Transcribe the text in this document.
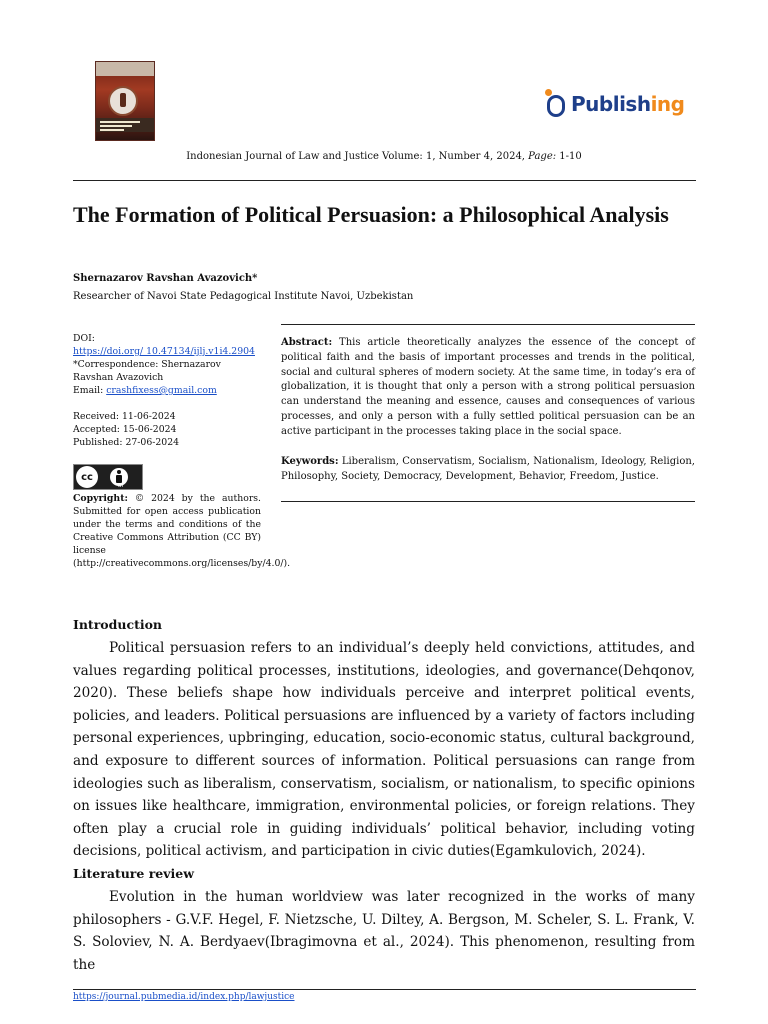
Publishing
Indonesian Journal of Law and Justice Volume: 1, Number 4, 2024, Page: 1-10
The Formation of Political Persuasion: a Philosophical Analysis
Shernazarov Ravshan Avazovich*
Researcher of Navoi State Pedagogical Institute Navoi, Uzbekistan
DOI:
https://doi.org/ 10.47134/ijlj.v1i4.2904
*Correspondence: Shernazarov Ravshan Avazovich
Email: crashfixess@gmail.com
Received: 11-06-2024
Accepted: 15-06-2024
Published: 27-06-2024
cc
BY
Copyright: © 2024 by the authors. Submitted for open access publication under the terms and conditions of the Creative Commons Attribution (CC BY) license (http://creativecommons.org/licenses/by/4.0/).
Abstract: This article theoretically analyzes the essence of the concept of political faith and the basis of important processes and trends in the political, social and cultural spheres of modern society. At the same time, in today’s era of globalization, it is thought that only a person with a strong political persuasion can understand the meaning and essence, causes and consequences of various processes, and only a person with a fully settled political persuasion can be an active participant in the processes taking place in the social space.
Keywords: Liberalism, Conservatism, Socialism, Nationalism, Ideology, Religion, Philosophy, Society, Democracy, Development, Behavior, Freedom, Justice.
Introduction
Political persuasion refers to an individual’s deeply held convictions, attitudes, and values regarding political processes, institutions, ideologies, and governance(Dehqonov, 2020). These beliefs shape how individuals perceive and interpret political events, policies, and leaders. Political persuasions are influenced by a variety of factors including personal experiences, upbringing, education, socio-economic status, cultural background, and exposure to different sources of information. Political persuasions can range from ideologies such as liberalism, conservatism, socialism, or nationalism, to specific opinions on issues like healthcare, immigration, environmental policies, or foreign relations. They often play a crucial role in guiding individuals’ political behavior, including voting decisions, political activism, and participation in civic duties(Egamkulovich, 2024).
Literature review
Evolution in the human worldview was later recognized in the works of many philosophers - G.V.F. Hegel, F. Nietzsche, U. Diltey, A. Bergson, M. Scheler, S. L. Frank, V. S. Soloviev, N. A. Berdyaev(Ibragimovna et al., 2024). This phenomenon, resulting from the
https://journal.pubmedia.id/index.php/lawjustice
